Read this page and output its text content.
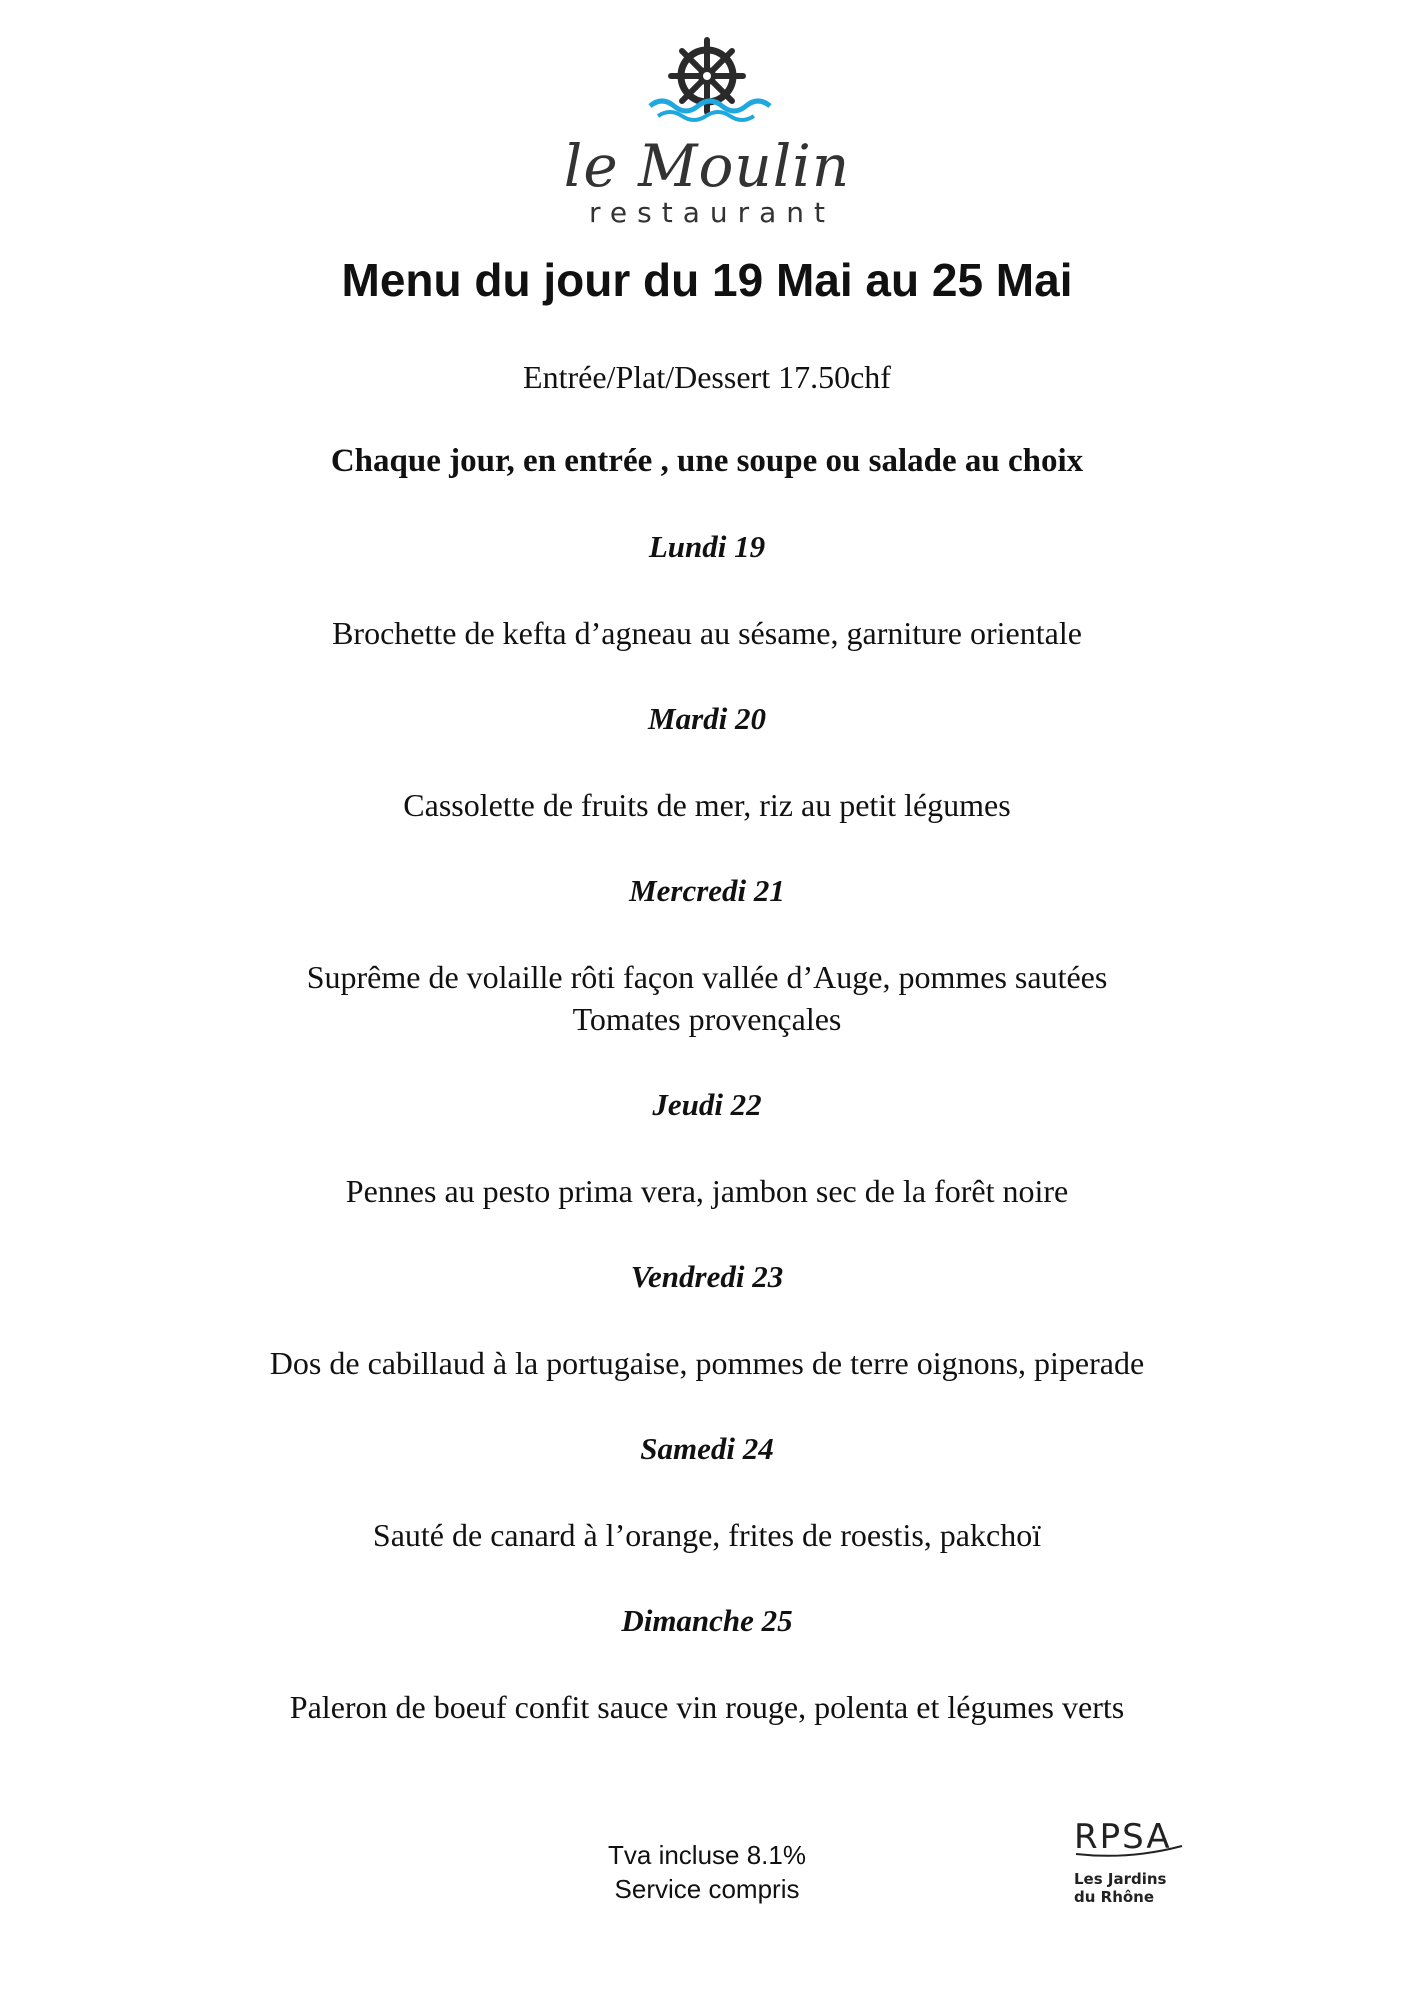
le Moulin
restaurant
Menu du jour du 19 Mai au 25 Mai
Entrée/Plat/Dessert 17.50chf
Chaque jour, en entrée , une soupe ou salade au choix
Lundi 19
Brochette de kefta d’agneau au sésame, garniture orientale
Mardi 20
Cassolette de fruits de mer, riz au petit légumes
Mercredi 21
Suprême de volaille rôti façon vallée d’Auge, pommes sautées
Tomates provençales
Jeudi 22
Pennes au pesto prima vera, jambon sec de la forêt noire
Vendredi 23
Dos de cabillaud à la portugaise, pommes de terre oignons, piperade
Samedi 24
Sauté de canard à l’orange, frites de roestis, pakchoï
Dimanche 25
Paleron de boeuf confit sauce vin rouge, polenta et légumes verts
Tva incluse 8.1%
Service compris
RPSA
Les Jardins
du Rhône
